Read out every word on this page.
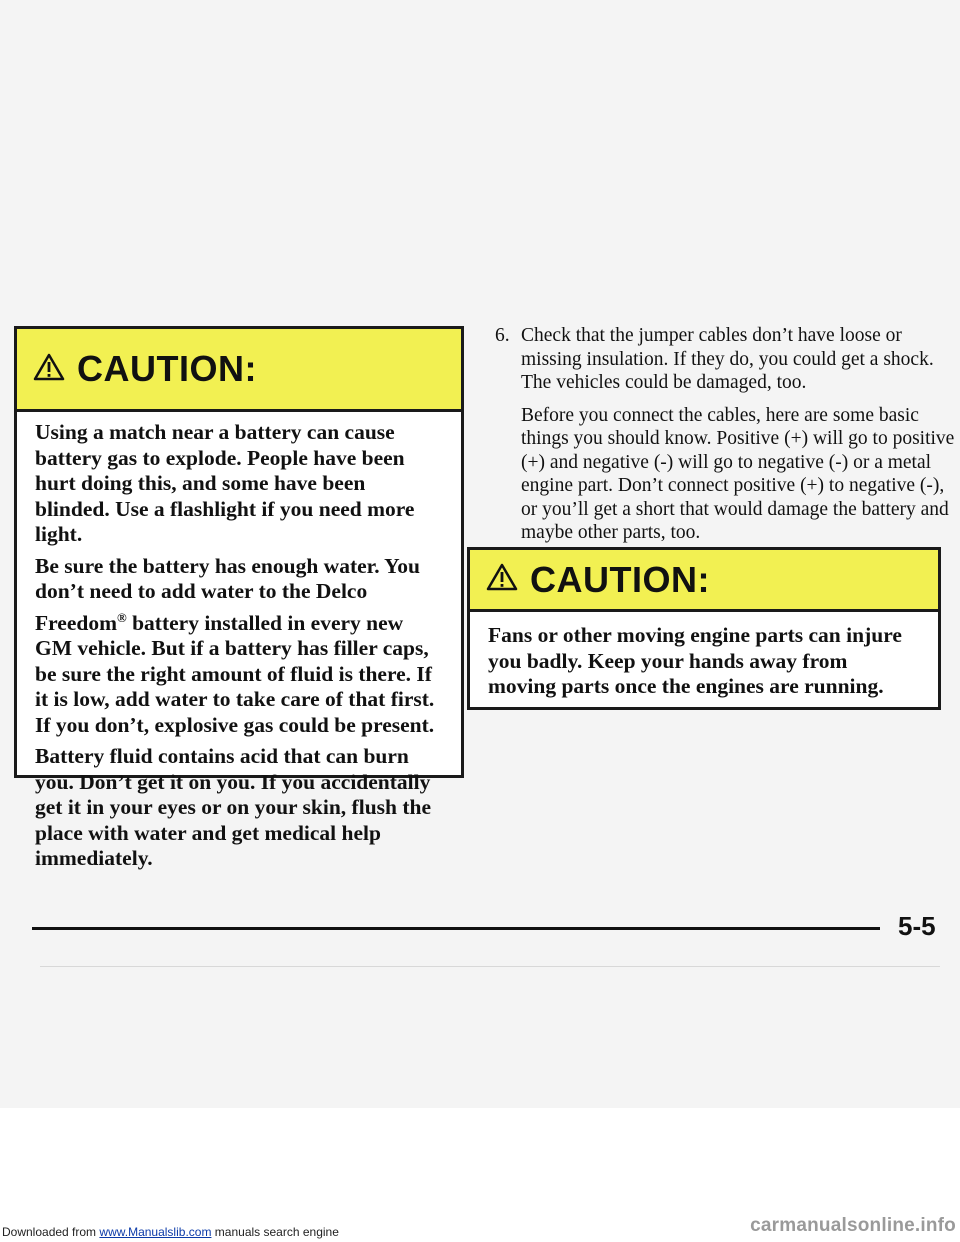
CAUTION:

Using a match near a battery can cause battery gas to explode. People have been hurt doing this, and some have been blinded. Use a flashlight if you need more light.

Be sure the battery has enough water. You don’t need to add water to the Delco Freedom® battery installed in every new GM vehicle. But if a battery has filler caps, be sure the right amount of fluid is there. If it is low, add water to take care of that first. If you don’t, explosive gas could be present.

Battery fluid contains acid that can burn you. Don’t get it on you. If you accidentally get it in your eyes or on your skin, flush the place with water and get medical help immediately.

6. Check that the jumper cables don’t have loose or missing insulation. If they do, you could get a shock. The vehicles could be damaged, too.

Before you connect the cables, here are some basic things you should know. Positive (+) will go to positive (+) and negative (-) will go to negative (-) or a metal engine part. Don’t connect positive (+) to negative (-), or you’ll get a short that would damage the battery and maybe other parts, too.

CAUTION:

Fans or other moving engine parts can injure you badly. Keep your hands away from moving parts once the engines are running.

5-5
Downloaded from www.Manualslib.com manuals search engine	carmanualsonline.info
